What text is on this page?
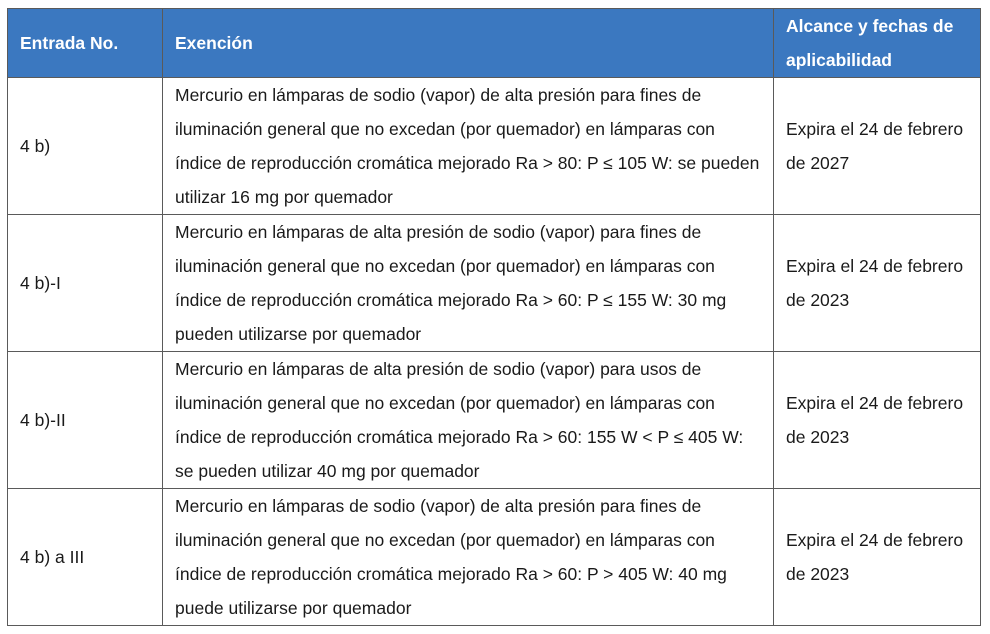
Entrada No.	Exención	Alcance y fechas de aplicabilidad
4 b)	Mercurio en lámparas de sodio (vapor) de alta presión para fines de iluminación general que no excedan (por quemador) en lámparas con índice de reproducción cromática mejorado Ra > 80: P ≤ 105 W: se pueden utilizar 16 mg por quemador	Expira el 24 de febrero de 2027
4 b)-I	Mercurio en lámparas de alta presión de sodio (vapor) para fines de iluminación general que no excedan (por quemador) en lámparas con índice de reproducción cromática mejorado Ra > 60: P ≤ 155 W: 30 mg pueden utilizarse por quemador	Expira el 24 de febrero de 2023
4 b)-II	Mercurio en lámparas de alta presión de sodio (vapor) para usos de iluminación general que no excedan (por quemador) en lámparas con índice de reproducción cromática mejorado Ra > 60: 155 W < P ≤ 405 W: se pueden utilizar 40 mg por quemador	Expira el 24 de febrero de 2023
4 b) a III	Mercurio en lámparas de sodio (vapor) de alta presión para fines de iluminación general que no excedan (por quemador) en lámparas con índice de reproducción cromática mejorado Ra > 60: P > 405 W: 40 mg puede utilizarse por quemador	Expira el 24 de febrero de 2023
